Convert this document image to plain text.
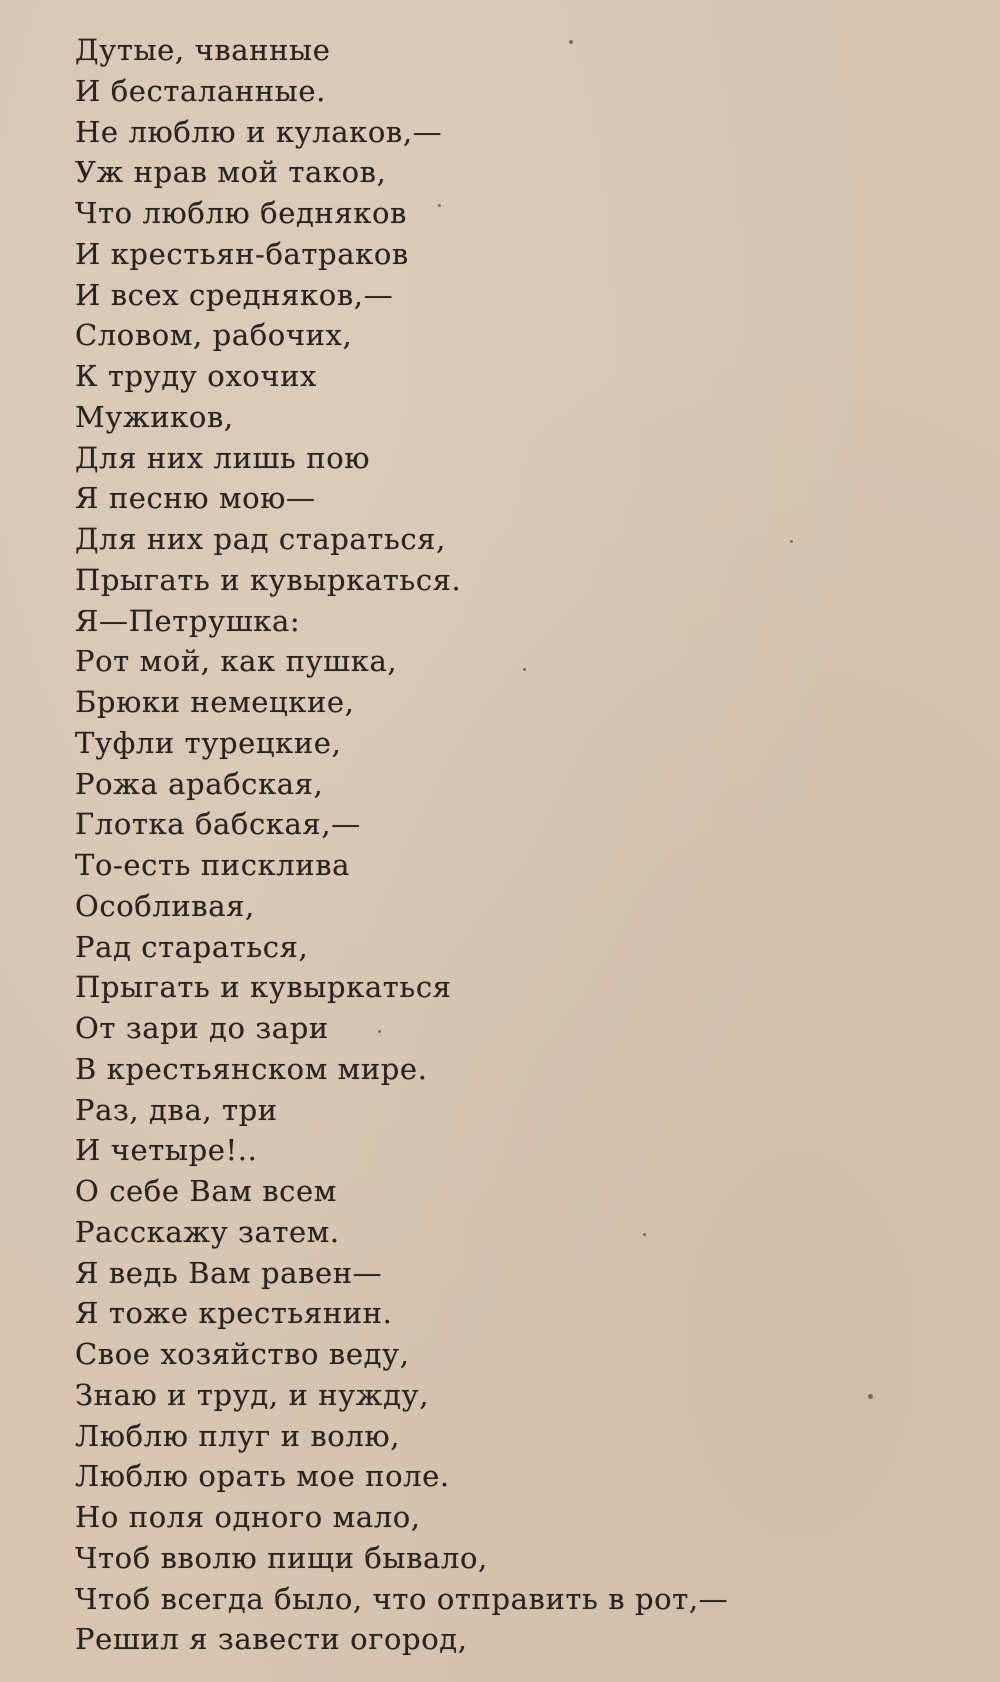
Дутые, чванные
И бесталанные.
Не люблю и кулаков,—
Уж нрав мой таков,
Что люблю бедняков
И крестьян-батраков
И всех средняков,—
Словом, рабочих,
К труду охочих
Мужиков,
Для них лишь пою
Я песню мою—
Для них рад стараться,
Прыгать и кувыркаться.
Я—Петрушка:
Рот мой, как пушка,
Брюки немецкие,
Туфли турецкие,
Рожа арабская,
Глотка бабская,—
То-есть писклива
Особливая,
Рад стараться,
Прыгать и кувыркаться
От зари до зари
В крестьянском мире.
Раз, два, три
И четыре!..
О себе Вам всем
Расскажу затем.
Я ведь Вам равен—
Я тоже крестьянин.
Свое хозяйство веду,
Знаю и труд, и нужду,
Люблю плуг и волю,
Люблю орать мое поле.
Но поля одного мало,
Чтоб вволю пищи бывало,
Чтоб всегда было, что отправить в рот,—
Решил я завести огород,
